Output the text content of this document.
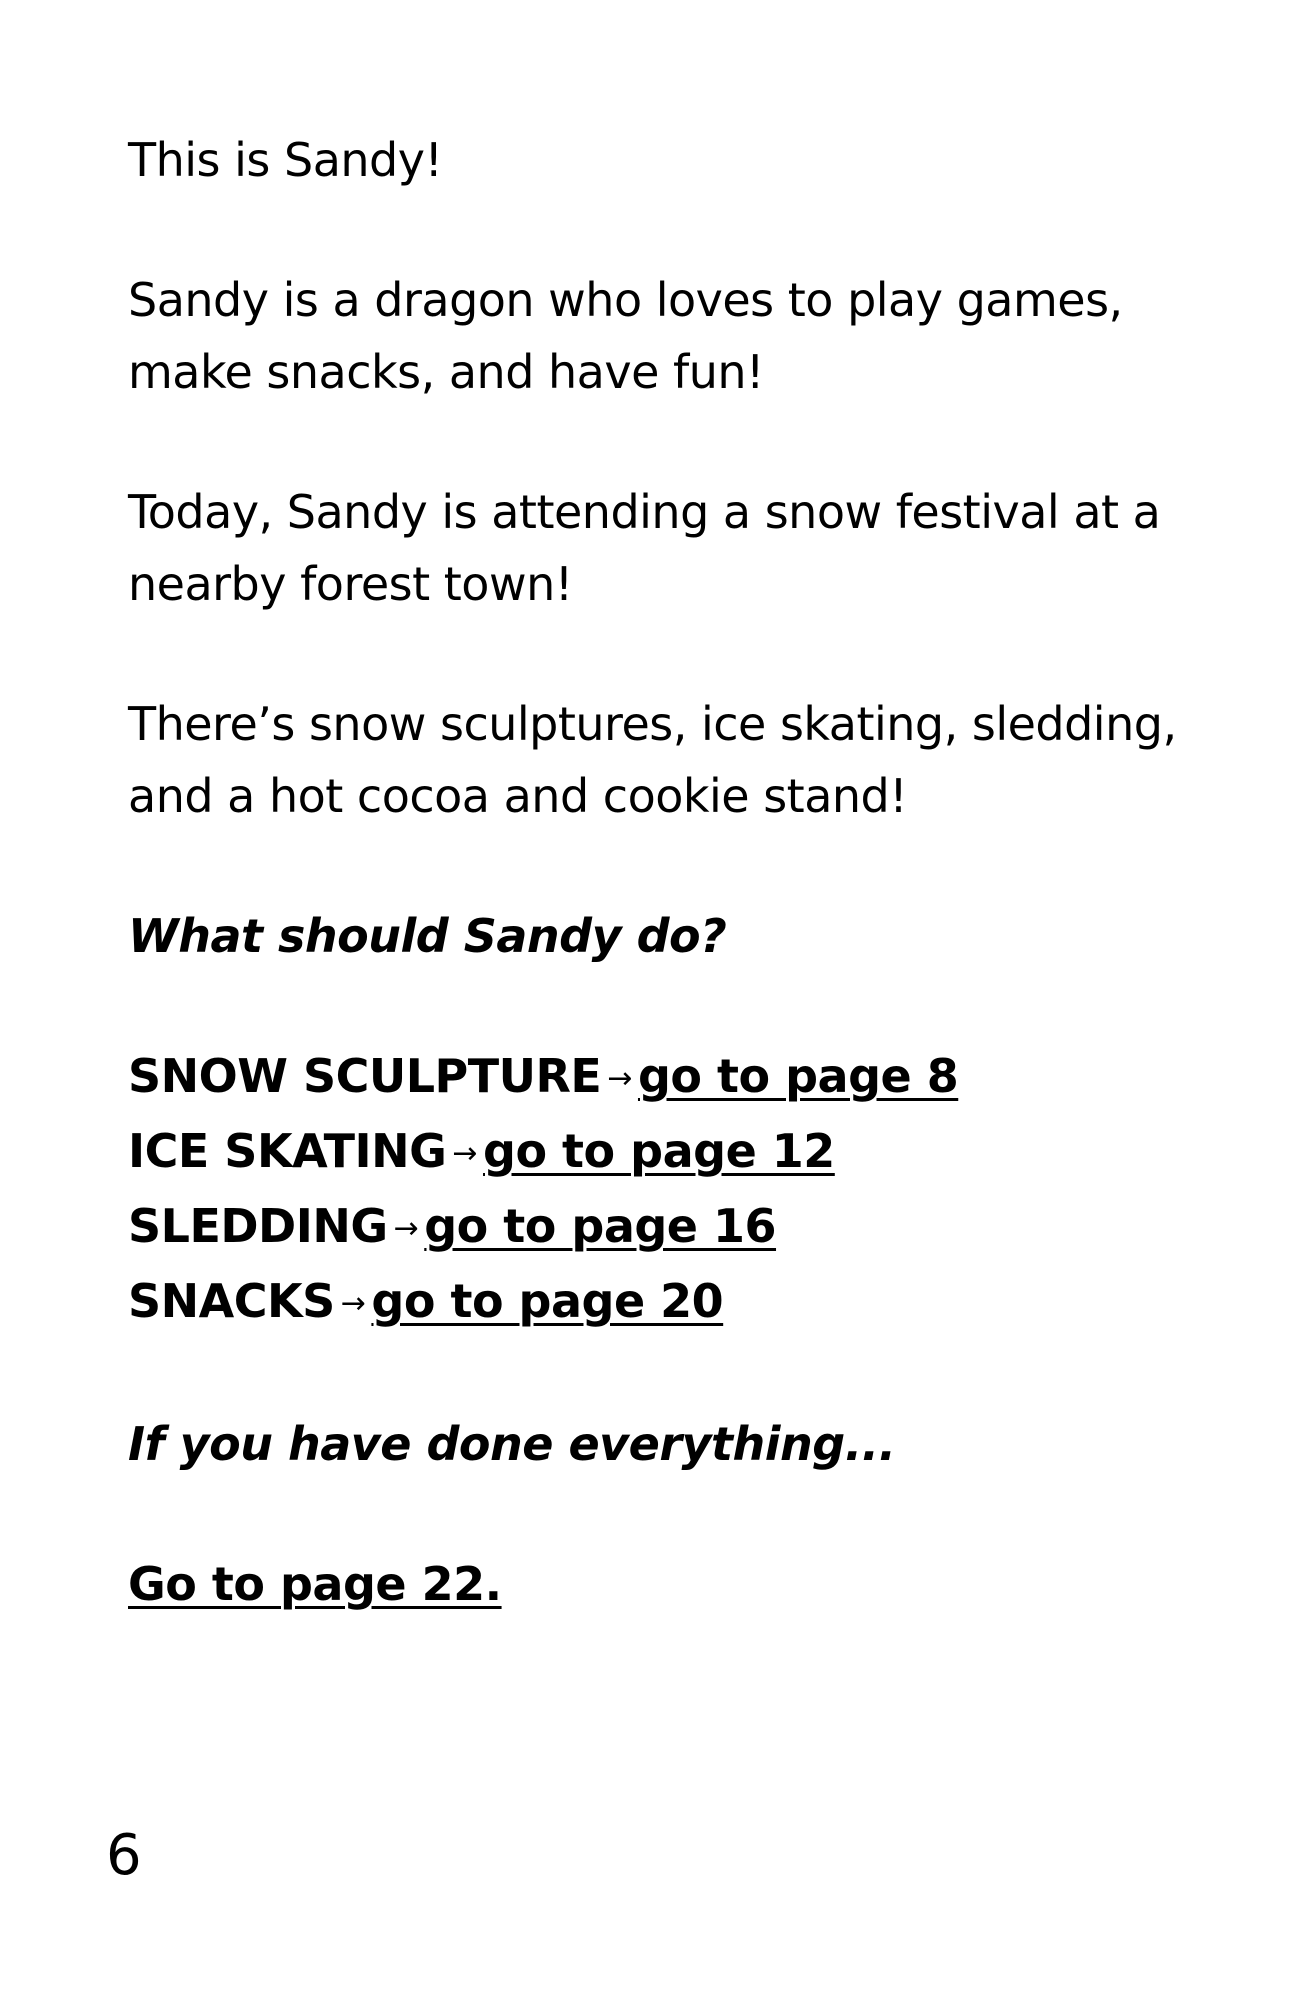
This is Sandy!

Sandy is a dragon who loves to play games, make snacks, and have fun!

Today, Sandy is attending a snow festival at a nearby forest town!

There’s snow sculptures, ice skating, sledding, and a hot cocoa and cookie stand!

What should Sandy do?

SNOW SCULPTURE → go to page 8
ICE SKATING → go to page 12
SLEDDING → go to page 16
SNACKS → go to page 20

If you have done everything...

Go to page 22.

6
